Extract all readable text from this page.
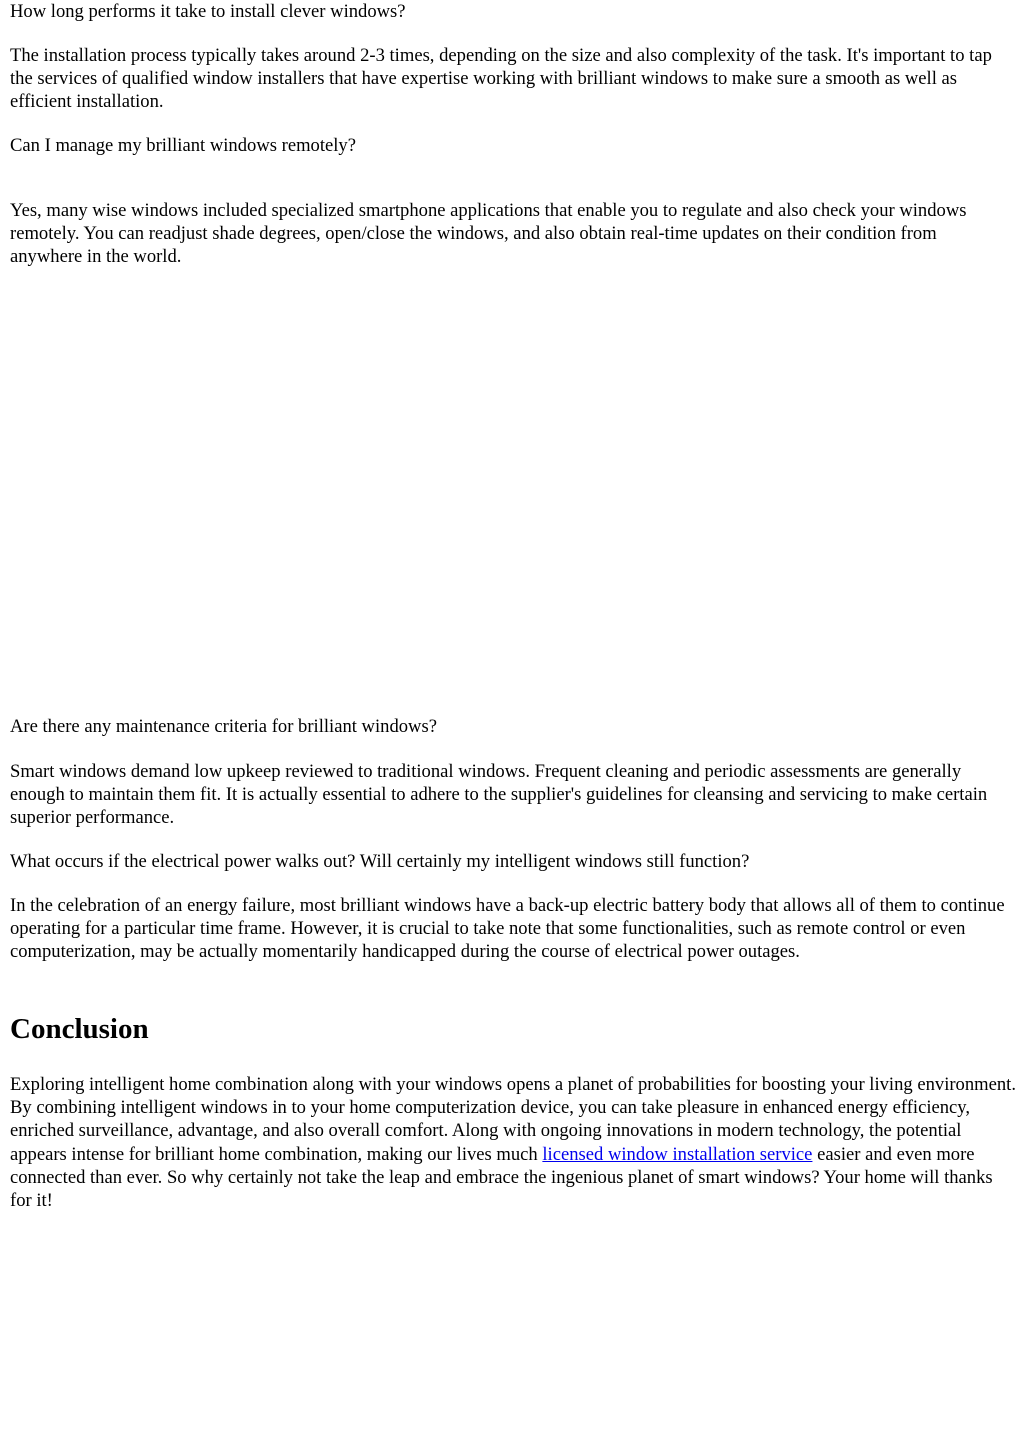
How long performs it take to install clever windows?

The installation process typically takes around 2-3 times, depending on the size and also complexity of the task. It's important to tap the services of qualified window installers that have expertise working with brilliant windows to make sure a smooth as well as efficient installation.

Can I manage my brilliant windows remotely?

Yes, many wise windows included specialized smartphone applications that enable you to regulate and also check your windows remotely. You can readjust shade degrees, open/close the windows, and also obtain real-time updates on their condition from anywhere in the world.

Are there any maintenance criteria for brilliant windows?

Smart windows demand low upkeep reviewed to traditional windows. Frequent cleaning and periodic assessments are generally enough to maintain them fit. It is actually essential to adhere to the supplier's guidelines for cleansing and servicing to make certain superior performance.

What occurs if the electrical power walks out? Will certainly my intelligent windows still function?

In the celebration of an energy failure, most brilliant windows have a back-up electric battery body that allows all of them to continue operating for a particular time frame. However, it is crucial to take note that some functionalities, such as remote control or even computerization, may be actually momentarily handicapped during the course of electrical power outages.

Conclusion

Exploring intelligent home combination along with your windows opens a planet of probabilities for boosting your living environment. By combining intelligent windows in to your home computerization device, you can take pleasure in enhanced energy efficiency, enriched surveillance, advantage, and also overall comfort. Along with ongoing innovations in modern technology, the potential appears intense for brilliant home combination, making our lives much licensed window installation service easier and even more connected than ever. So why certainly not take the leap and embrace the ingenious planet of smart windows? Your home will thanks for it!
